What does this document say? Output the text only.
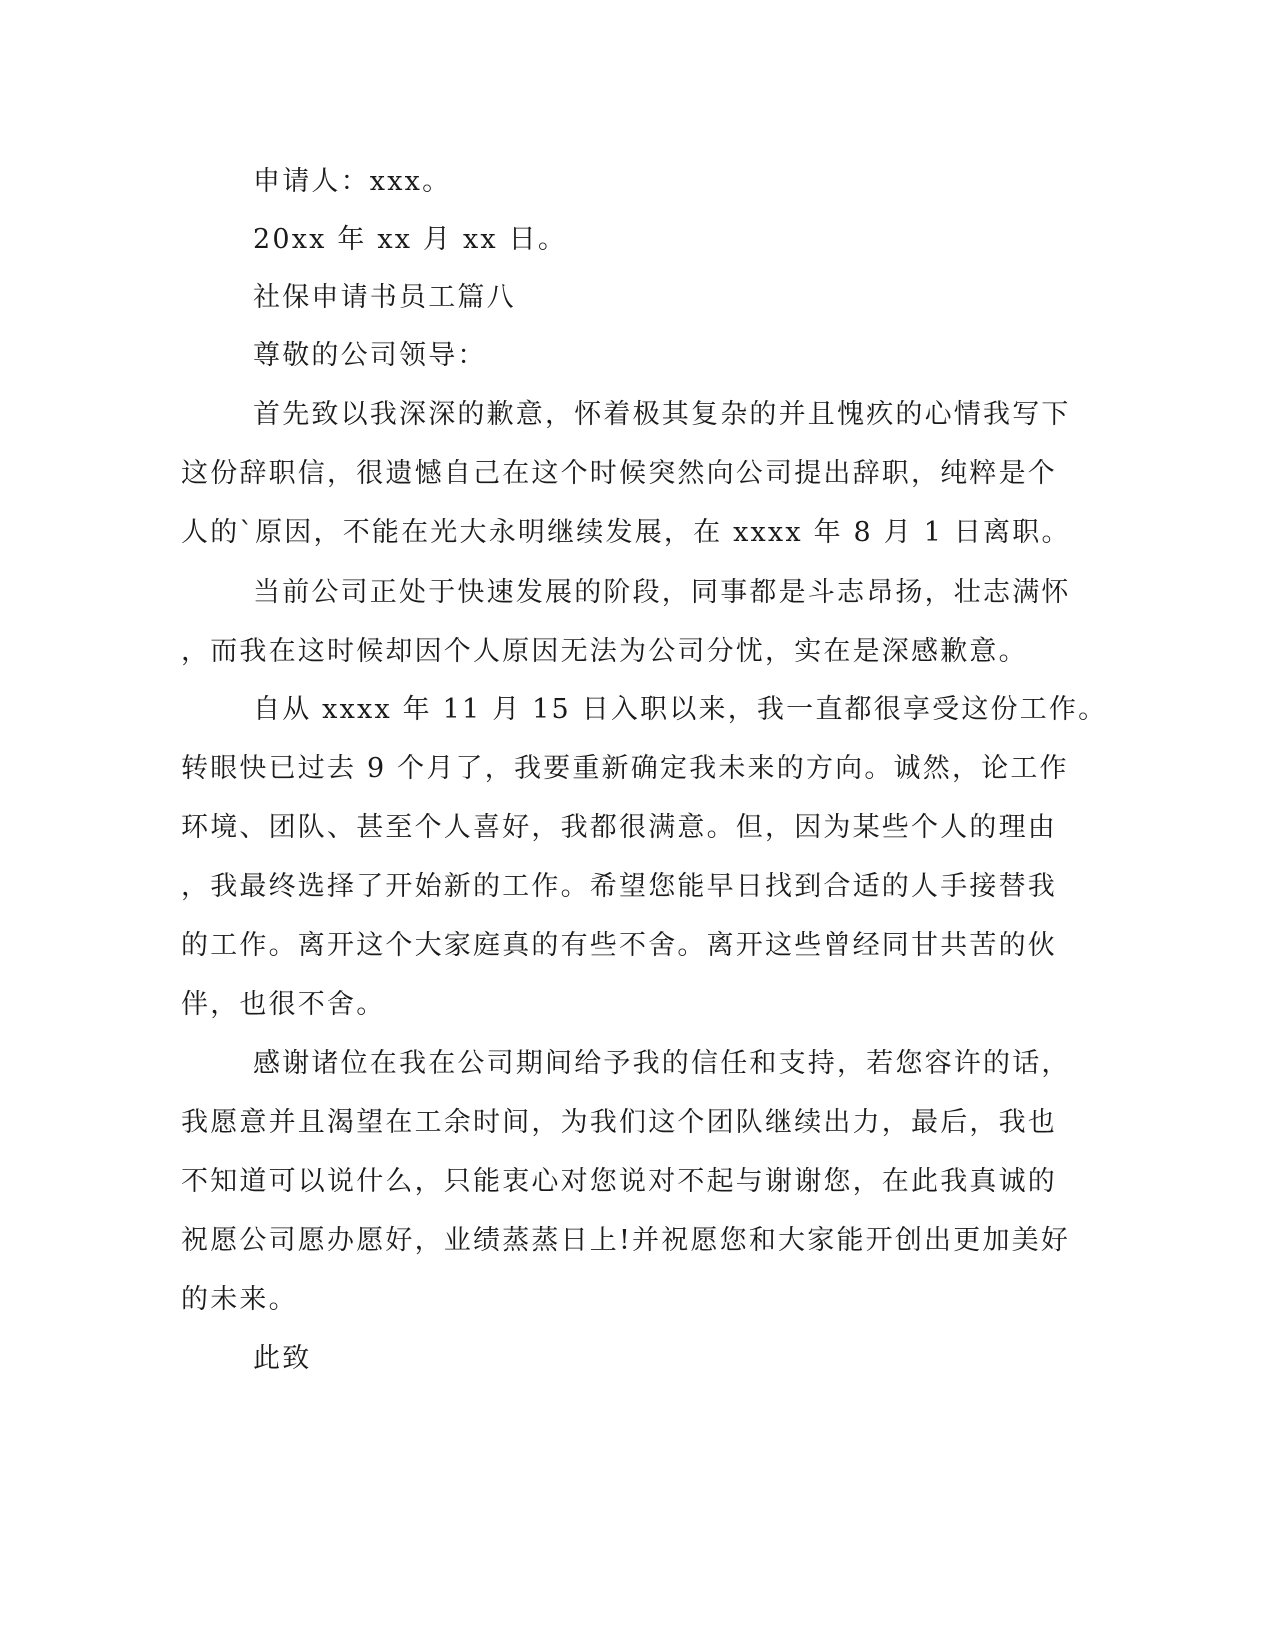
申请人：xxx。

20xx 年 xx 月 xx 日。

社保申请书员工篇八

尊敬的公司领导：

首先致以我深深的歉意，怀着极其复杂的并且愧疚的心情我写下

这份辞职信，很遗憾自己在这个时候突然向公司提出辞职，纯粹是个

人的`原因，不能在光大永明继续发展，在 xxxx 年 8 月 1 日离职。

当前公司正处于快速发展的阶段，同事都是斗志昂扬，壮志满怀

，而我在这时候却因个人原因无法为公司分忧，实在是深感歉意。

自从 xxxx 年 11 月 15 日入职以来，我一直都很享受这份工作。

转眼快已过去 9 个月了，我要重新确定我未来的方向。诚然，论工作

环境、团队、甚至个人喜好，我都很满意。但，因为某些个人的理由

，我最终选择了开始新的工作。希望您能早日找到合适的人手接替我

的工作。离开这个大家庭真的有些不舍。离开这些曾经同甘共苦的伙

伴，也很不舍。

感谢诸位在我在公司期间给予我的信任和支持，若您容许的话，

我愿意并且渴望在工余时间，为我们这个团队继续出力，最后，我也

不知道可以说什么，只能衷心对您说对不起与谢谢您，在此我真诚的

祝愿公司愿办愿好，业绩蒸蒸日上!并祝愿您和大家能开创出更加美好

的未来。

此致
